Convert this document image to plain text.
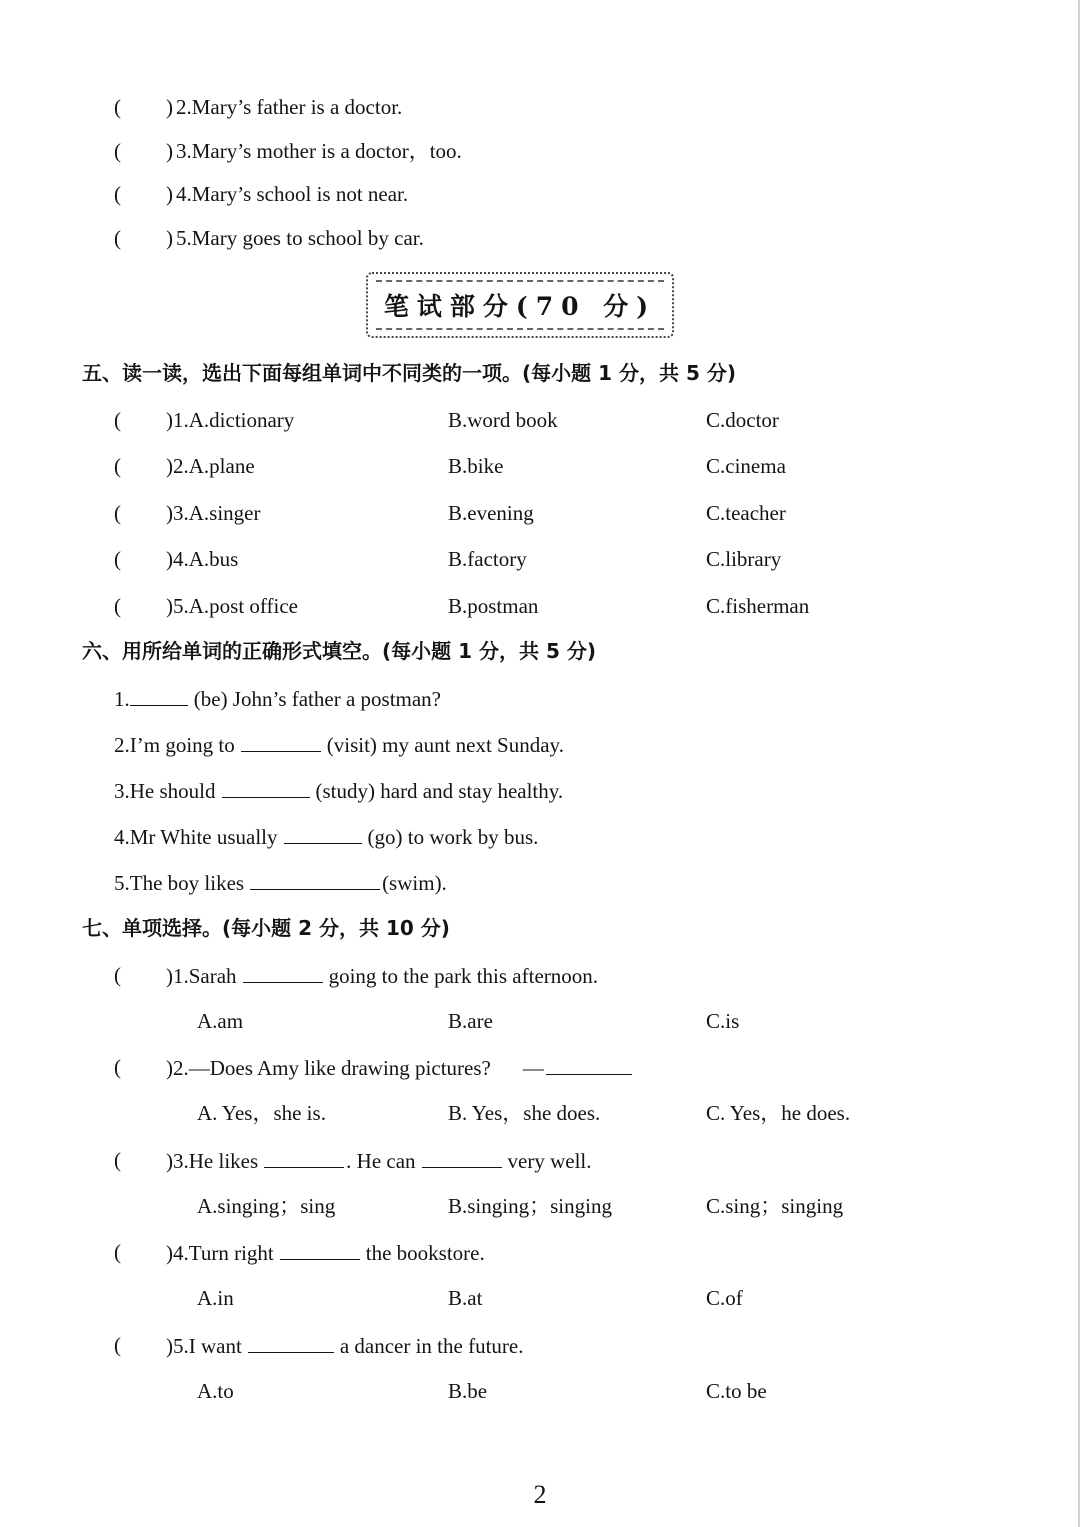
( ) 2.Mary’s father is a doctor.
( ) 3.Mary’s mother is a doctor，too.
( ) 4.Mary’s school is not near.
( ) 5.Mary goes to school by car.
笔试部分(70 分)
五、读一读，选出下面每组单词中不同类的一项。(每小题 1 分，共 5 分)
( )1.A.dictionary	B.word book	C.doctor
( )2.A.plane	B.bike	C.cinema
( )3.A.singer	B.evening	C.teacher
( )4.A.bus	B.factory	C.library
( )5.A.post office	B.postman	C.fisherman
六、用所给单词的正确形式填空。(每小题 1 分，共 5 分)
1.	(be) John’s father a postman?
2.I’m going to	(visit) my aunt next Sunday.
3.He should	(study) hard and stay healthy.
4.Mr White usually	(go) to work by bus.
5.The boy likes	(swim).
七、单项选择。(每小题 2 分，共 10 分)
( )1.Sarah	going to the park this afternoon.
A.am	B.are	C.is
( )2.—Does Amy like drawing pictures? —
A. Yes，she is.	B. Yes，she does.	C. Yes，he does.
( )3.He likes	. He can	very well.
A.singing；sing	B.singing；singing	C.sing；singing
( )4.Turn right	the bookstore.
A.in	B.at	C.of
( )5.I want	a dancer in the future.
A.to	B.be	C.to be
2
